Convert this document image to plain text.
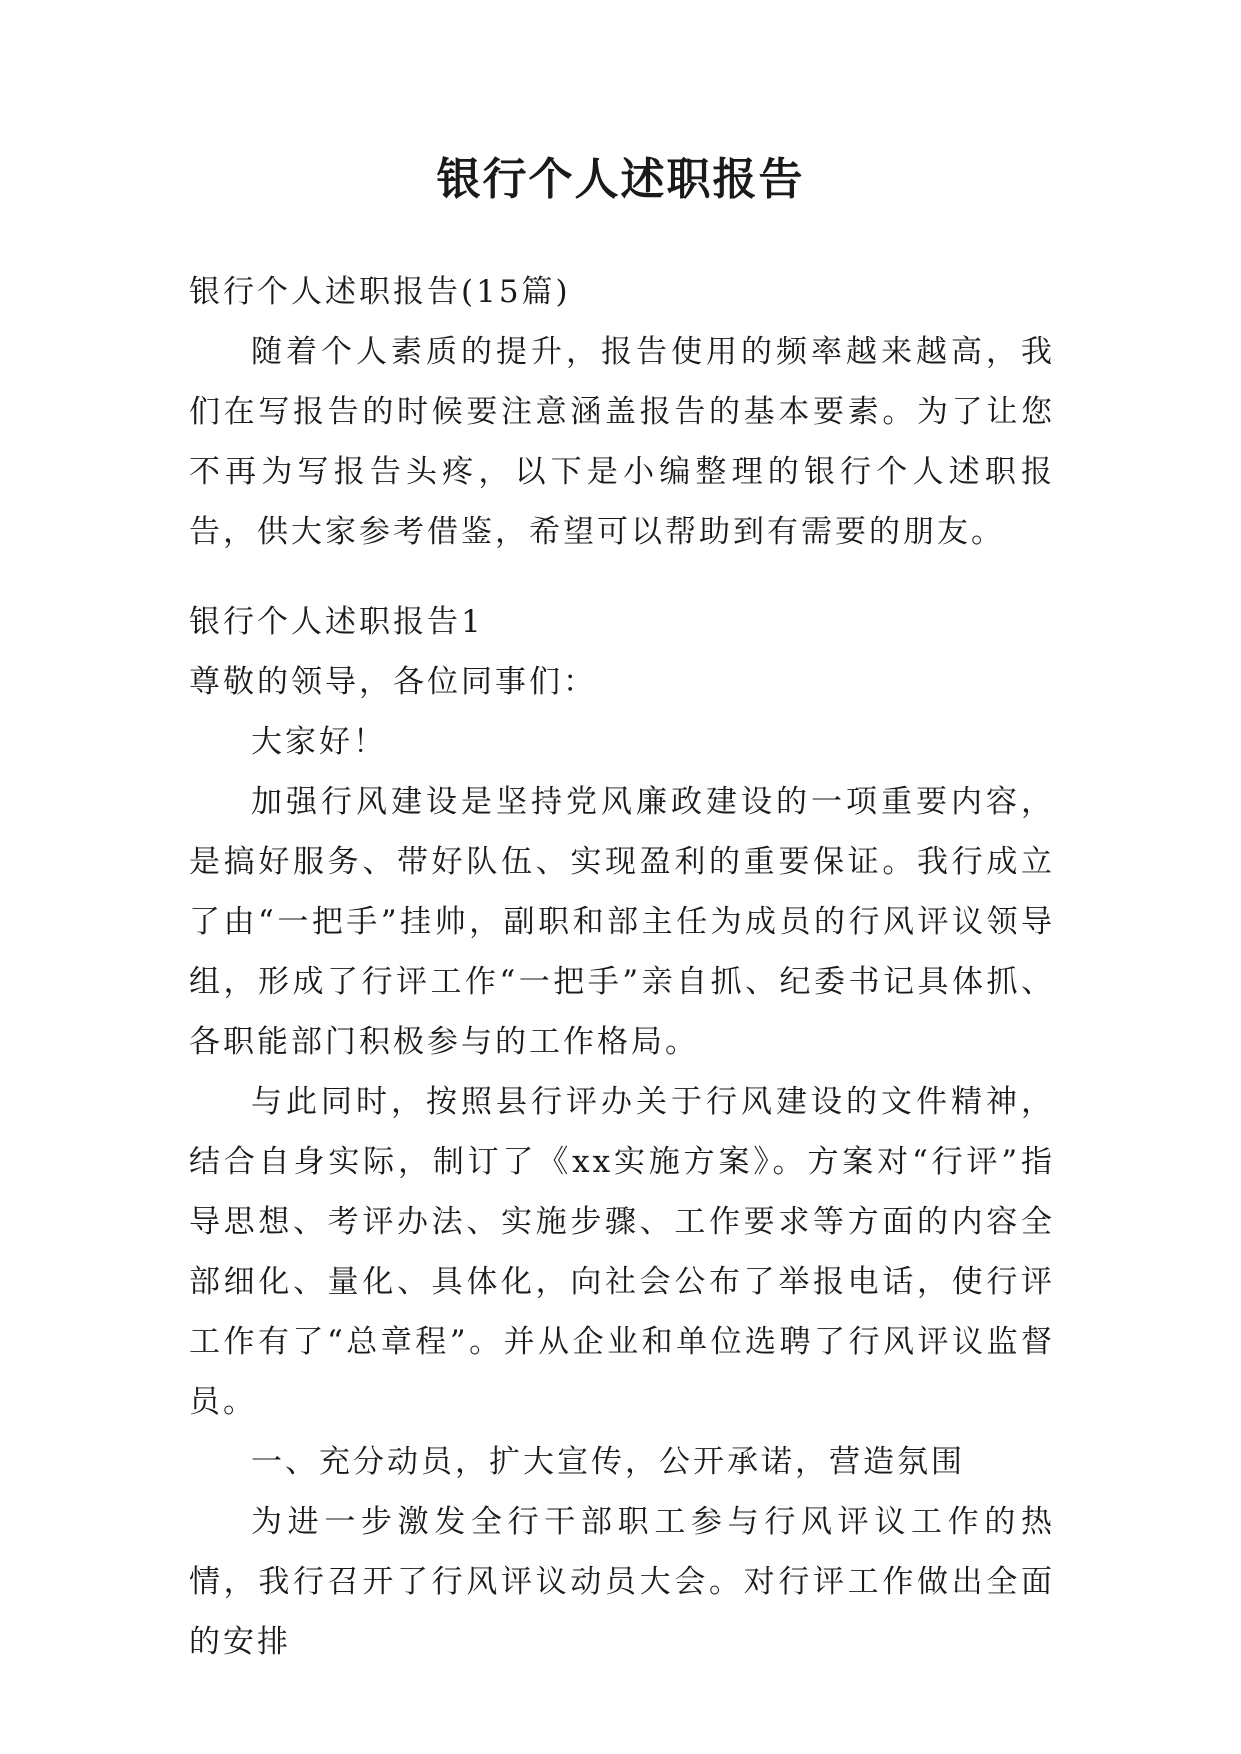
银行个人述职报告

银行个人述职报告(15篇)

随着个人素质的提升，报告使用的频率越来越高，我们在写报告的时候要注意涵盖报告的基本要素。为了让您不再为写报告头疼，以下是小编整理的银行个人述职报告，供大家参考借鉴，希望可以帮助到有需要的朋友。

银行个人述职报告1

尊敬的领导，各位同事们：

大家好！

加强行风建设是坚持党风廉政建设的一项重要内容，是搞好服务、带好队伍、实现盈利的重要保证。我行成立了由“一把手”挂帅，副职和部主任为成员的行风评议领导组，形成了行评工作“一把手”亲自抓、纪委书记具体抓、各职能部门积极参与的工作格局。

与此同时，按照县行评办关于行风建设的文件精神，结合自身实际，制订了《xx实施方案》。方案对“行评”指导思想、考评办法、实施步骤、工作要求等方面的内容全部细化、量化、具体化，向社会公布了举报电话，使行评工作有了“总章程”。并从企业和单位选聘了行风评议监督员。

一、充分动员，扩大宣传，公开承诺，营造氛围

为进一步激发全行干部职工参与行风评议工作的热情，我行召开了行风评议动员大会。对行评工作做出全面的安排
